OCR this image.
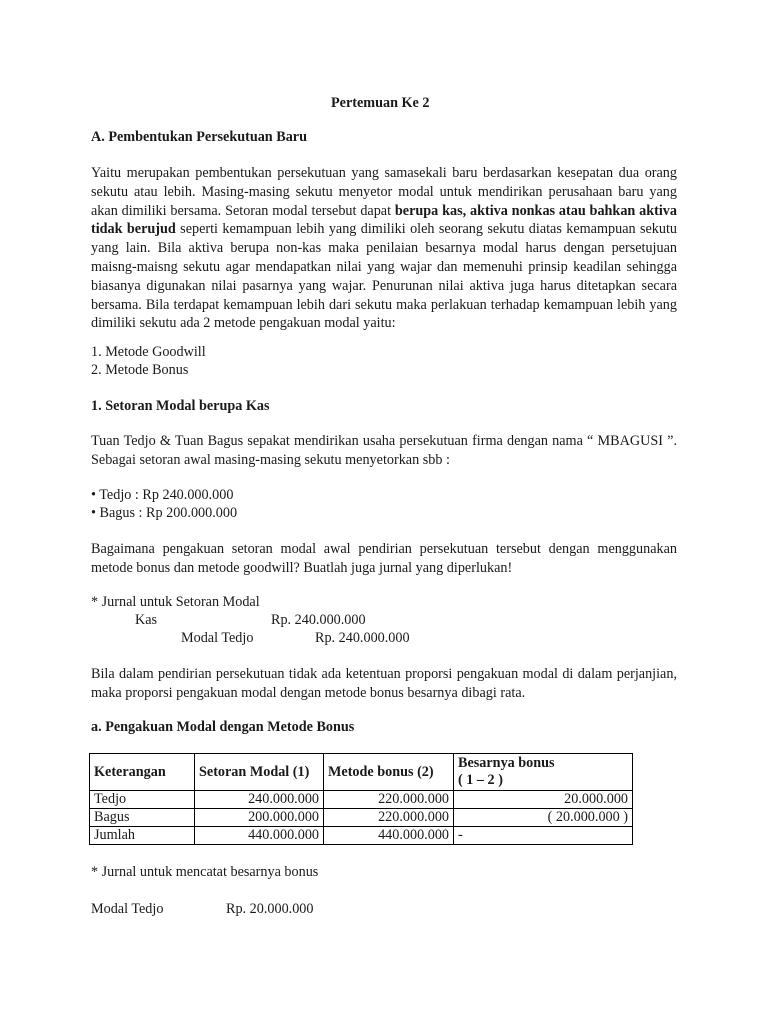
Pertemuan Ke 2
A. Pembentukan Persekutuan Baru

Yaitu merupakan pembentukan persekutuan yang samasekali baru berdasarkan kesepatan dua orang sekutu atau lebih. Masing-masing sekutu menyetor modal untuk mendirikan perusahaan baru yang akan dimiliki bersama. Setoran modal tersebut dapat berupa kas, aktiva nonkas atau bahkan aktiva tidak berujud seperti kemampuan lebih yang dimiliki oleh seorang sekutu diatas kemampuan sekutu yang lain. Bila aktiva berupa non-kas maka penilaian besarnya modal harus dengan persetujuan maisng-maisng sekutu agar mendapatkan nilai yang wajar dan memenuhi prinsip keadilan sehingga biasanya digunakan nilai pasarnya yang wajar. Penurunan nilai aktiva juga harus ditetapkan secara bersama. Bila terdapat kemampuan lebih dari sekutu maka perlakuan terhadap kemampuan lebih yang dimiliki sekutu ada 2 metode pengakuan modal yaitu:

1. Metode Goodwill
2. Metode Bonus
1. Setoran Modal berupa Kas

Tuan Tedjo & Tuan Bagus sepakat mendirikan usaha persekutuan firma dengan nama “ MBAGUSI ”. Sebagai setoran awal masing-masing sekutu menyetorkan sbb :

• Tedjo : Rp 240.000.000
• Bagus : Rp 200.000.000

Bagaimana pengakuan setoran modal awal pendirian persekutuan tersebut dengan menggunakan metode bonus dan metode goodwill? Buatlah juga jurnal yang diperlukan!

* Jurnal untuk Setoran Modal
Kas	Rp. 240.000.000
Modal Tedjo	Rp. 240.000.000

Bila dalam pendirian persekutuan tidak ada ketentuan proporsi pengakuan modal di dalam perjanjian, maka proporsi pengakuan modal dengan metode bonus besarnya dibagi rata.

a. Pengakuan Modal dengan Metode Bonus
Keterangan	Setoran Modal (1)	Metode bonus (2)	Besarnya bonus
( 1 – 2 )
Tedjo	240.000.000	220.000.000	20.000.000
Bagus	200.000.000	220.000.000	( 20.000.000 )
Jumlah	440.000.000	440.000.000	-
* Jurnal untuk mencatat besarnya bonus
Modal Tedjo	Rp. 20.000.000
